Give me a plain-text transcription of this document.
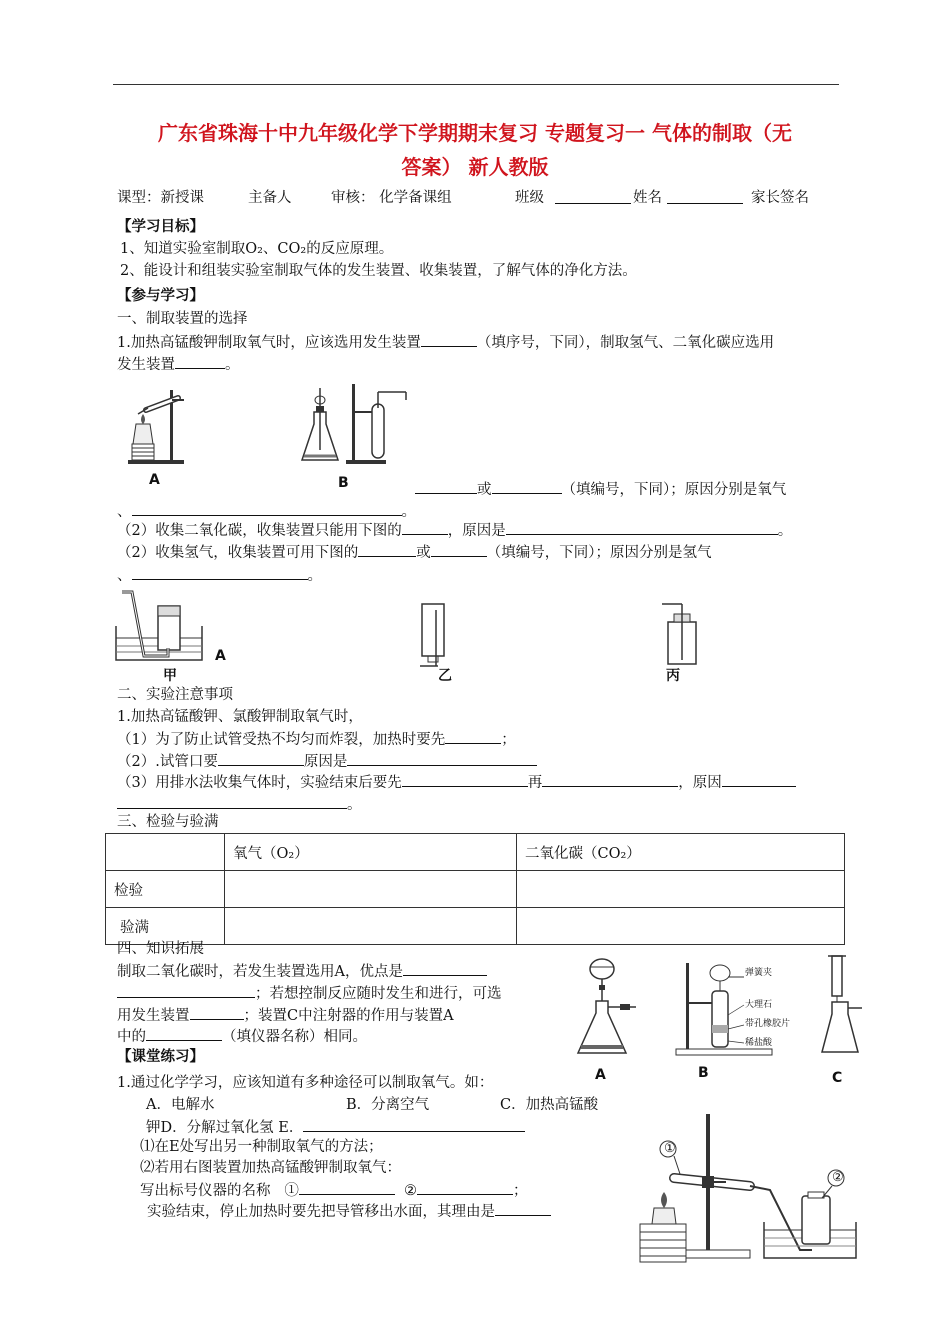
广东省珠海十中九年级化学下学期期末复习 专题复习一 气体的制取（无
答案） 新人教版
课型：新授课	主备人	审核： 化学备课组	班级	姓名	家长签名
【学习目标】
1、知道实验室制取O₂、CO₂的反应原理。
2、能设计和组装实验室制取气体的发生装置、收集装置，了解气体的净化方法。
【参与学习】
一、制取装置的选择
1.加热高锰酸钾制取氧气时，应该选用发生装置	（填序号，下同），制取氢气、二氧化碳应选用
发生装置	。
A	B	或	（填编号，下同）；原因分别是氧气
、	。
（2）收集二氧化碳，收集装置只能用下图的	，原因是	。
（2）收集氢气，收集装置可用下图的	或	（填编号，下同）；原因分别是氢气
、	。
甲
A
乙	丙
二、实验注意事项
1.加热高锰酸钾、氯酸钾制取氧气时，
（1）为了防止试管受热不均匀而炸裂，加热时要先	；
（2）.试管口要	原因是
（3）用排水法收集气体时，实验结束后要先	再	，原因
。
三、检验与验满
	氧气（O₂）	二氧化碳（CO₂）
检验		
验满		
四、知识拓展
制取二氧化碳时，若发生装置选用A，优点是
；若想控制反应随时发生和进行，可选
用发生装置	；装置C中注射器的作用与装置A
中的	（填仪器名称）相同。
A
弹簧夹
大理石
带孔橡胶片
稀盐酸
B	C
【课堂练习】
1.通过化学学习，应该知道有多种途径可以制取氧气。如：
A．电解水	B．分离空气	C．加热高锰酸
钾D．分解过氧化氢 E．
⑴在E处写出另一种制取氧气的方法；
⑵若用右图装置加热高锰酸钾制取氧气：
写出标号仪器的名称 ①	②	；
实验结束，停止加热时要先把导管移出水面，其理由是
①
②
